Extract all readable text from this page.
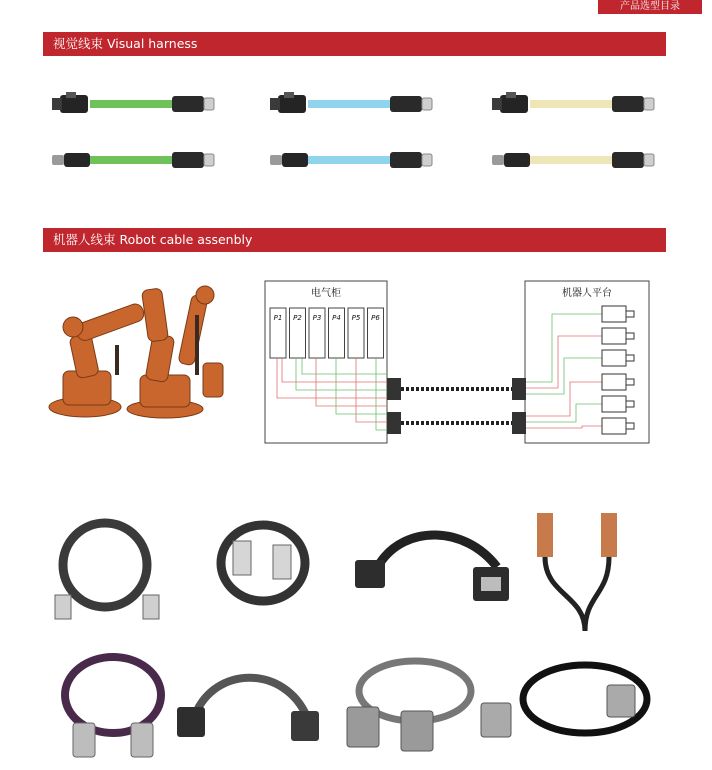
产品选型目录
视觉线束 Visual harness
机器人线束 Robot cable assenbly
电气柜
P1 P2 P3 P4 P5 P6
机器人平台
